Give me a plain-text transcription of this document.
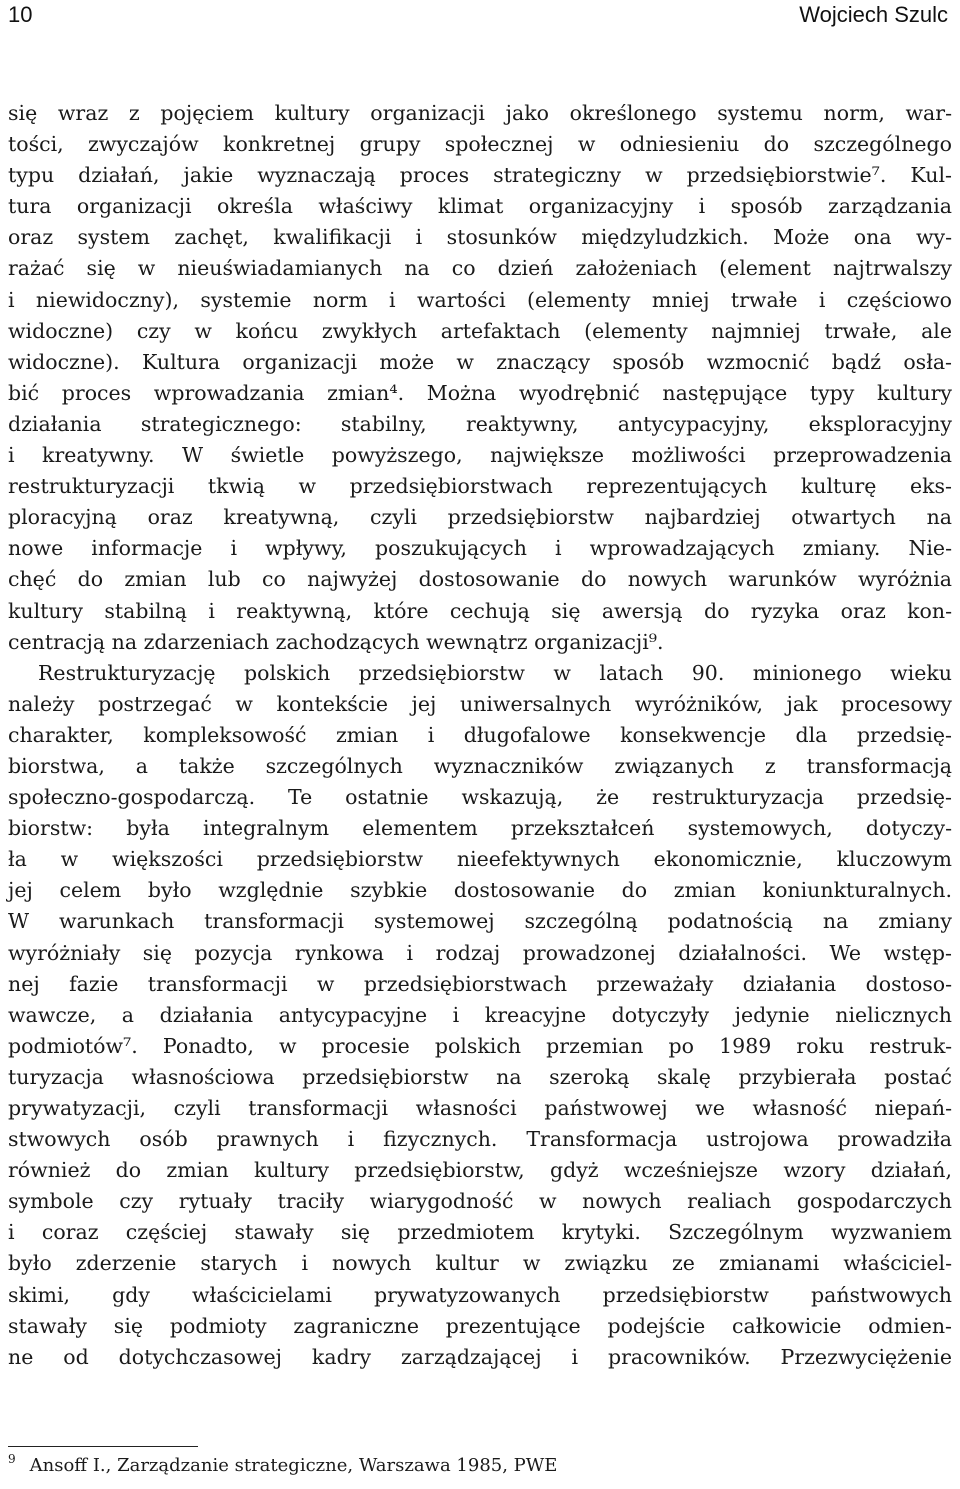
10	Wojciech Szulc
się wraz z pojęciem kultury organizacji jako określonego systemu norm, war-
tości, zwyczajów konkretnej grupy społecznej w odniesieniu do szczególnego
typu działań, jakie wyznaczają proces strategiczny w przedsiębiorstwie⁷. Kul-
tura organizacji określa właściwy klimat organizacyjny i sposób zarządzania
oraz system zachęt, kwalifikacji i stosunków międzyludzkich. Może ona wy-
rażać się w nieuświadamianych na co dzień założeniach (element najtrwalszy
i niewidoczny), systemie norm i wartości (elementy mniej trwałe i częściowo
widoczne) czy w końcu zwykłych artefaktach (elementy najmniej trwałe, ale
widoczne). Kultura organizacji może w znaczący sposób wzmocnić bądź osła-
bić proces wprowadzania zmian⁴. Można wyodrębnić następujące typy kultury
działania strategicznego: stabilny, reaktywny, antycypacyjny, eksploracyjny
i kreatywny. W świetle powyższego, największe możliwości przeprowadzenia
restrukturyzacji tkwią w przedsiębiorstwach reprezentujących kulturę eks-
ploracyjną oraz kreatywną, czyli przedsiębiorstw najbardziej otwartych na
nowe informacje i wpływy, poszukujących i wprowadzających zmiany. Nie-
chęć do zmian lub co najwyżej dostosowanie do nowych warunków wyróżnia
kultury stabilną i reaktywną, które cechują się awersją do ryzyka oraz kon-
centracją na zdarzeniach zachodzących wewnątrz organizacji⁹.
Restrukturyzację polskich przedsiębiorstw w latach 90. minionego wieku
należy postrzegać w kontekście jej uniwersalnych wyróżników, jak procesowy
charakter, kompleksowość zmian i długofalowe konsekwencje dla przedsię-
biorstwa, a także szczególnych wyznaczników związanych z transformacją
społeczno-gospodarczą. Te ostatnie wskazują, że restrukturyzacja przedsię-
biorstw: była integralnym elementem przekształceń systemowych, dotyczy-
ła w większości przedsiębiorstw nieefektywnych ekonomicznie, kluczowym
jej celem było względnie szybkie dostosowanie do zmian koniunkturalnych.
W warunkach transformacji systemowej szczególną podatnością na zmiany
wyróżniały się pozycja rynkowa i rodzaj prowadzonej działalności. We wstęp-
nej fazie transformacji w przedsiębiorstwach przeważały działania dostoso-
wawcze, a działania antycypacyjne i kreacyjne dotyczyły jedynie nielicznych
podmiotów⁷. Ponadto, w procesie polskich przemian po 1989 roku restruk-
turyzacja własnościowa przedsiębiorstw na szeroką skalę przybierała postać
prywatyzacji, czyli transformacji własności państwowej we własność niepań-
stwowych osób prawnych i fizycznych. Transformacja ustrojowa prowadziła
również do zmian kultury przedsiębiorstw, gdyż wcześniejsze wzory działań,
symbole czy rytuały traciły wiarygodność w nowych realiach gospodarczych
i coraz częściej stawały się przedmiotem krytyki. Szczególnym wyzwaniem
było zderzenie starych i nowych kultur w związku ze zmianami właściciel-
skimi, gdy właścicielami prywatyzowanych przedsiębiorstw państwowych
stawały się podmioty zagraniczne prezentujące podejście całkowicie odmien-
ne od dotychczasowej kadry zarządzającej i pracowników. Przezwyciężenie
$^9$ Ansoff I., Zarządzanie strategiczne, Warszawa 1985, PWE
